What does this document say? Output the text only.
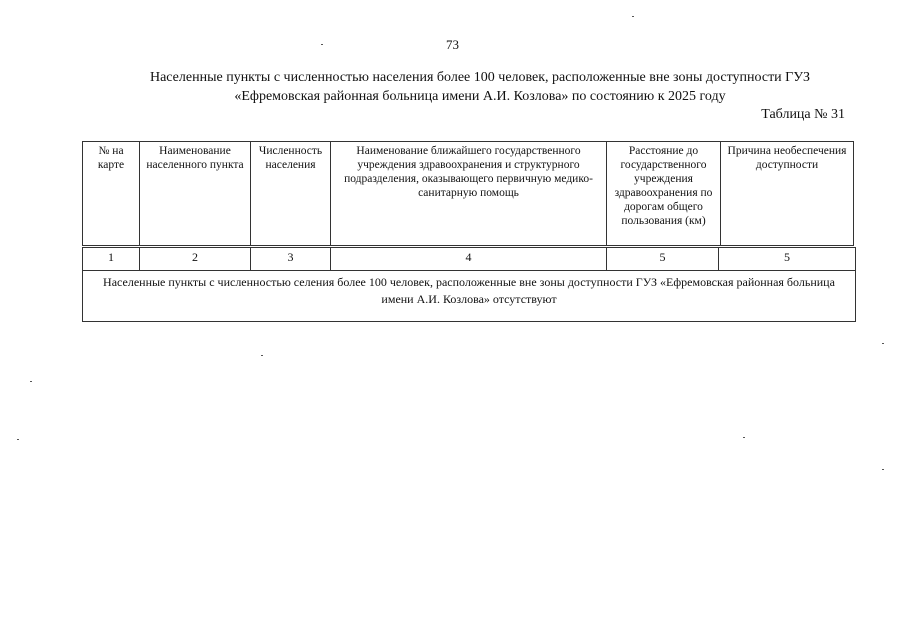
73
Населенные пункты с численностью населения более 100 человек, расположенные вне зоны доступности ГУЗ
«Ефремовская районная больница имени А.И. Козлова» по состоянию к 2025 году
Таблица № 31
№ на карте	Наименование населенного пункта	Численность населения	Наименование ближайшего государственного учреждения здравоохранения и структурного подразделения, оказывающего первичную медико-санитарную помощь	Расстояние до государственного учреждения здравоохранения по дорогам общего пользования (км)	Причина необеспечения доступности
1	2	3	4	5	5
Населенные пункты с численностью селения более 100 человек, расположенные вне зоны доступности ГУЗ «Ефремовская районная больница имени А.И. Козлова» отсутствуют
